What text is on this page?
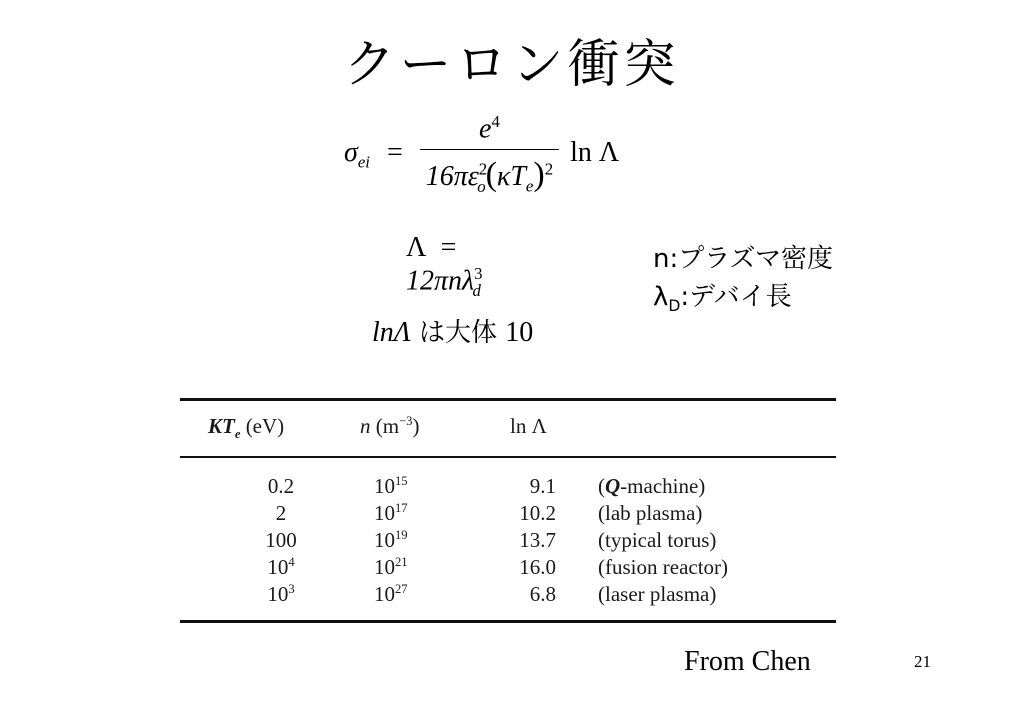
クーロン衝突
$\sigma_{ei} = \frac{e^4}{16\pi\varepsilon^2_o(\kappa T_e)^2}$ ln Λ
Λ = 12πnλ$^3_d$
n:プラズマ密度
$\lambda_D$:デバイ長
lnΛ は大体 10
$KT_e$ (eV)	n $(m^{-3})$	ln Λ
0.2	$10^{15}$	9.1 (Q-machine)
2	$10^{17}$	10.2 (lab plasma)
100	$10^{19}$	13.7 (typical torus)
$10^4$	$10^{21}$	16.0 (fusion reactor)
$10^3$	$10^{27}$	6.8 (laser plasma)
From Chen	21
